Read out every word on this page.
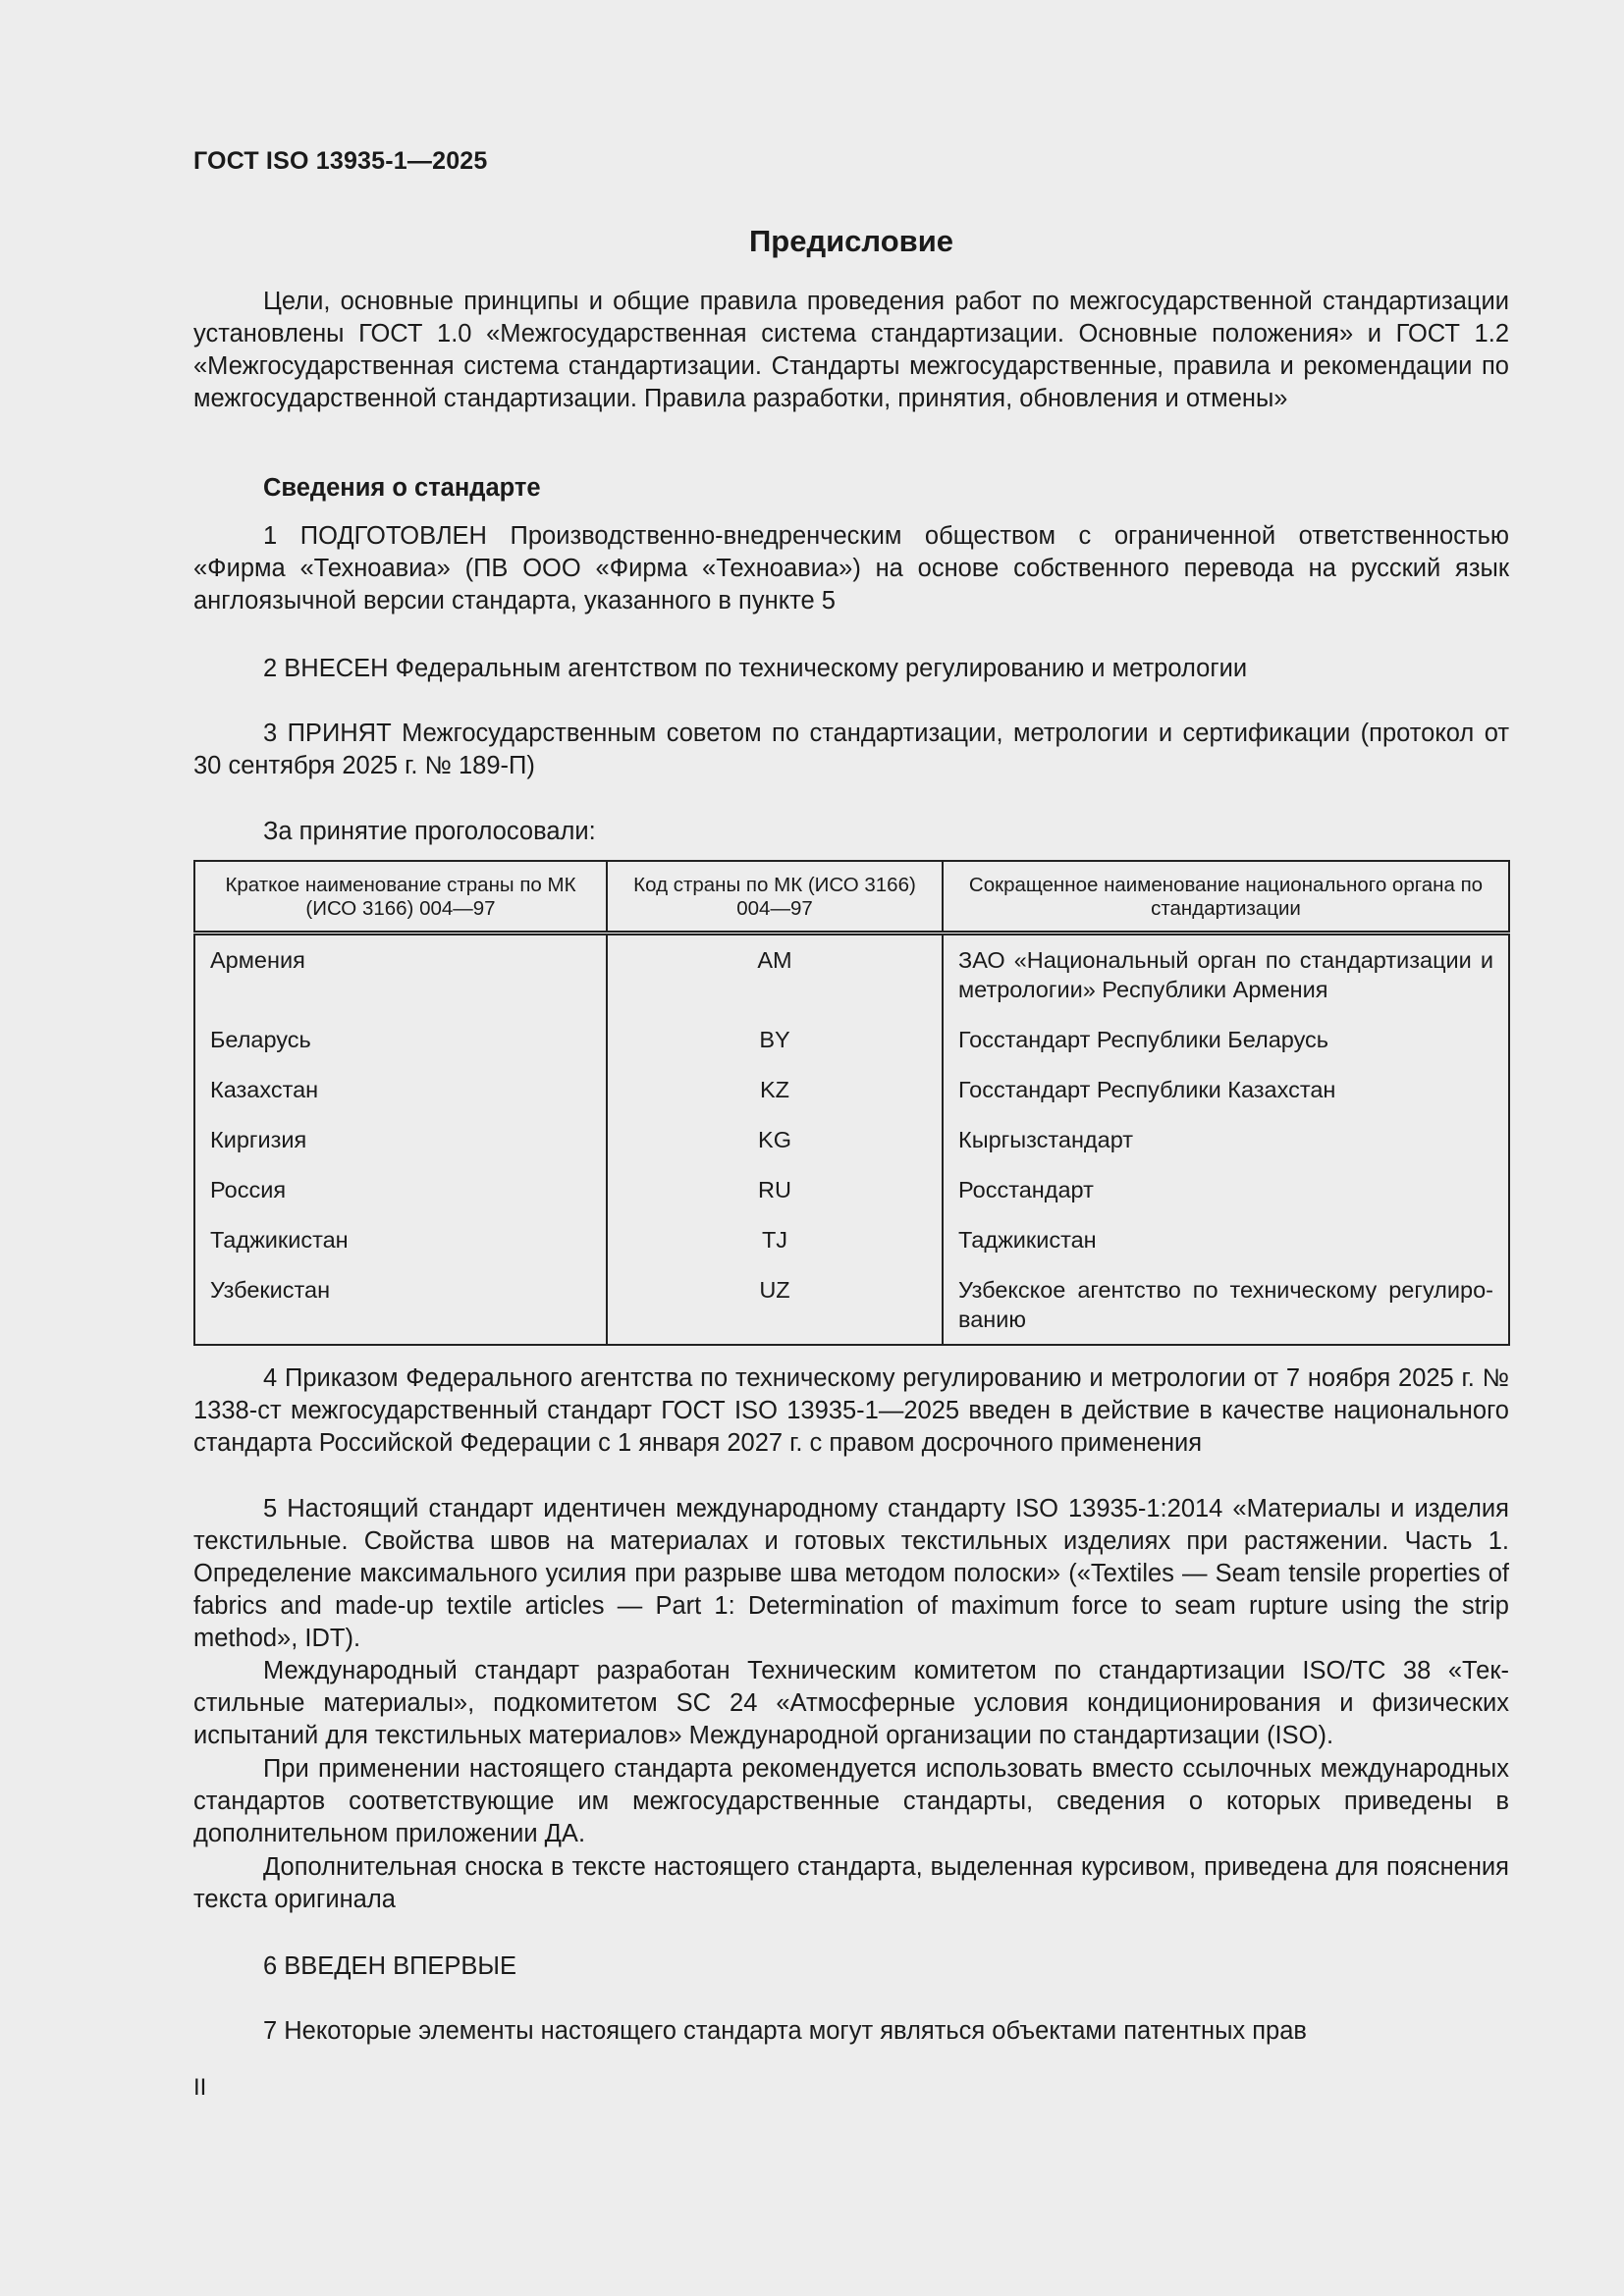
ГОСТ ISO 13935-1—2025
Предисловие

Цели, основные принципы и общие правила проведения работ по межгосударственной стандартизации установлены ГОСТ 1.0 «Межгосударственная система стандартизации. Основные положения» и ГОСТ 1.2 «Межгосударственная система стандартизации. Стандарты межгосударственные, правила и рекомендации по межгосударственной стандартизации. Правила разработки, принятия, обновления и отмены»

Сведения о стандарте

1 ПОДГОТОВЛЕН Производственно-внедренческим обществом с ограниченной ответственностью «Фирма «Техноавиа» (ПВ ООО «Фирма «Техноавиа») на основе собственного перевода на русский язык англоязычной версии стандарта, указанного в пункте 5

2 ВНЕСЕН Федеральным агентством по техническому регулированию и метрологии

3 ПРИНЯТ Межгосударственным советом по стандартизации, метрологии и сертификации (протокол от 30 сентября 2025 г. № 189-П)

За принятие проголосовали:

Краткое наименование страны по МК (ИСО 3166) 004—97	Код страны по МК (ИСО 3166) 004—97	Сокращенное наименование национального органа по стандартизации
Армения	AM	ЗАО «Национальный орган по стандартизации и метрологии» Республики Армения
Беларусь	BY	Госстандарт Республики Беларусь
Казахстан	KZ	Госстандарт Республики Казахстан
Киргизия	KG	Кыргызстандарт
Россия	RU	Росстандарт
Таджикистан	TJ	Таджикистан
Узбекистан	UZ	Узбекское агентство по техническому регулированию

4 Приказом Федерального агентства по техническому регулированию и метрологии от 7 ноября 2025 г. № 1338-ст межгосударственный стандарт ГОСТ ISO 13935-1—2025 введен в действие в качестве национального стандарта Российской Федерации с 1 января 2027 г. с правом досрочного применения

5 Настоящий стандарт идентичен международному стандарту ISO 13935-1:2014 «Материалы и изделия текстильные. Свойства швов на материалах и готовых текстильных изделиях при растяжении. Часть 1. Определение максимального усилия при разрыве шва методом полоски» («Textiles — Seam tensile properties of fabrics and made-up textile articles — Part 1: Determination of maximum force to seam rupture using the strip method», IDT).

Международный стандарт разработан Техническим комитетом по стандартизации ISO/TC 38 «Текстильные материалы», подкомитетом SC 24 «Атмосферные условия кондиционирования и физических испытаний для текстильных материалов» Международной организации по стандартизации (ISO).

При применении настоящего стандарта рекомендуется использовать вместо ссылочных международных стандартов соответствующие им межгосударственные стандарты, сведения о которых приведены в дополнительном приложении ДА.

Дополнительная сноска в тексте настоящего стандарта, выделенная курсивом, приведена для пояснения текста оригинала

6 ВВЕДЕН ВПЕРВЫЕ

7 Некоторые элементы настоящего стандарта могут являться объектами патентных прав

II
